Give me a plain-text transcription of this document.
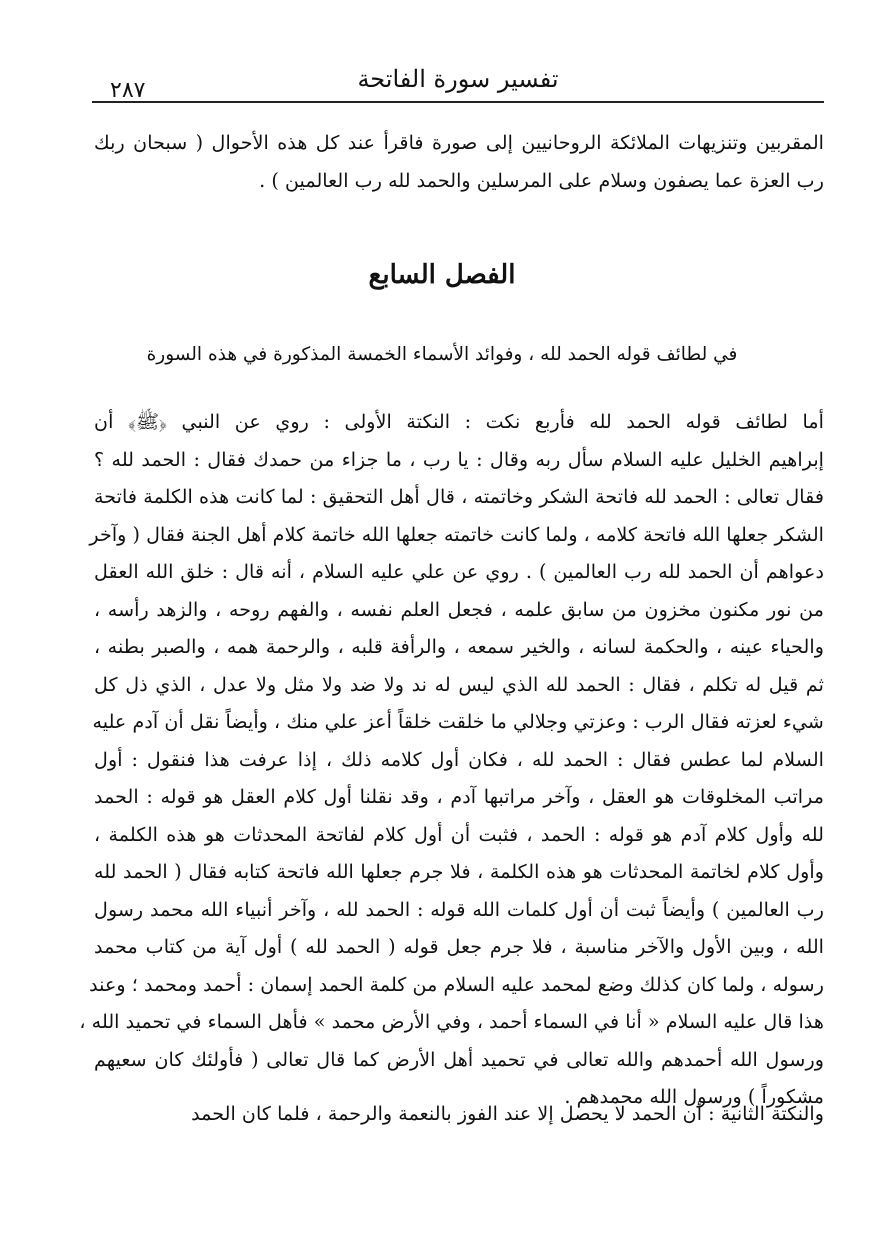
تفسير سورة الفاتحة
٢٨٧
المقربين وتنزيهات الملائكة الروحانيين إلى صورة فاقرأ عند كل هذه الأحوال ( سبحان ربك
رب العزة عما يصفون وسلام على المرسلين والحمد لله رب العالمين ) .
الفصل السابع
في لطائف قوله الحمد لله ، وفوائد الأسماء الخمسة المذكورة في هذه السورة
أما لطائف قوله الحمد لله فأربع نكت : النكتة الأولى : روي عن النبي ﴿ﷺ﴾ أن
إبراهيم الخليل عليه السلام سأل ربه وقال : يا رب ، ما جزاء من حمدك فقال : الحمد لله ؟
فقال تعالى : الحمد لله فاتحة الشكر وخاتمته ، قال أهل التحقيق : لما كانت هذه الكلمة فاتحة
الشكر جعلها الله فاتحة كلامه ، ولما كانت خاتمته جعلها الله خاتمة كلام أهل الجنة فقال ( وآخر
دعواهم أن الحمد لله رب العالمين ) . روي عن علي عليه السلام ، أنه قال : خلق الله العقل
من نور مكنون مخزون من سابق علمه ، فجعل العلم نفسه ، والفهم روحه ، والزهد رأسه ،
والحياء عينه ، والحكمة لسانه ، والخير سمعه ، والرأفة قلبه ، والرحمة همه ، والصبر بطنه ،
ثم قيل له تكلم ، فقال : الحمد لله الذي ليس له ند ولا ضد ولا مثل ولا عدل ، الذي ذل كل
شيء لعزته فقال الرب : وعزتي وجلالي ما خلقت خلقاً أعز علي منك ، وأيضاً نقل أن آدم عليه
السلام لما عطس فقال : الحمد لله ، فكان أول كلامه ذلك ، إذا عرفت هذا فنقول : أول
مراتب المخلوقات هو العقل ، وآخر مراتبها آدم ، وقد نقلنا أول كلام العقل هو قوله : الحمد
لله وأول كلام آدم هو قوله : الحمد ، فثبت أن أول كلام لفاتحة المحدثات هو هذه الكلمة ،
وأول كلام لخاتمة المحدثات هو هذه الكلمة ، فلا جرم جعلها الله فاتحة كتابه فقال ( الحمد لله
رب العالمين ) وأيضاً ثبت أن أول كلمات الله قوله : الحمد لله ، وآخر أنبياء الله محمد رسول
الله ، وبين الأول والآخر مناسبة ، فلا جرم جعل قوله ( الحمد لله ) أول آية من كتاب محمد
رسوله ، ولما كان كذلك وضع لمحمد عليه السلام من كلمة الحمد إسمان : أحمد ومحمد ؛ وعند
هذا قال عليه السلام « أنا في السماء أحمد ، وفي الأرض محمد » فأهل السماء في تحميد الله ،
ورسول الله أحمدهم والله تعالى في تحميد أهل الأرض كما قال تعالى ( فأولئك كان سعيهم
مشكوراً ) ورسول الله محمدهم .
والنكتة الثانية : أن الحمد لا يحصل إلا عند الفوز بالنعمة والرحمة ، فلما كان الحمد
